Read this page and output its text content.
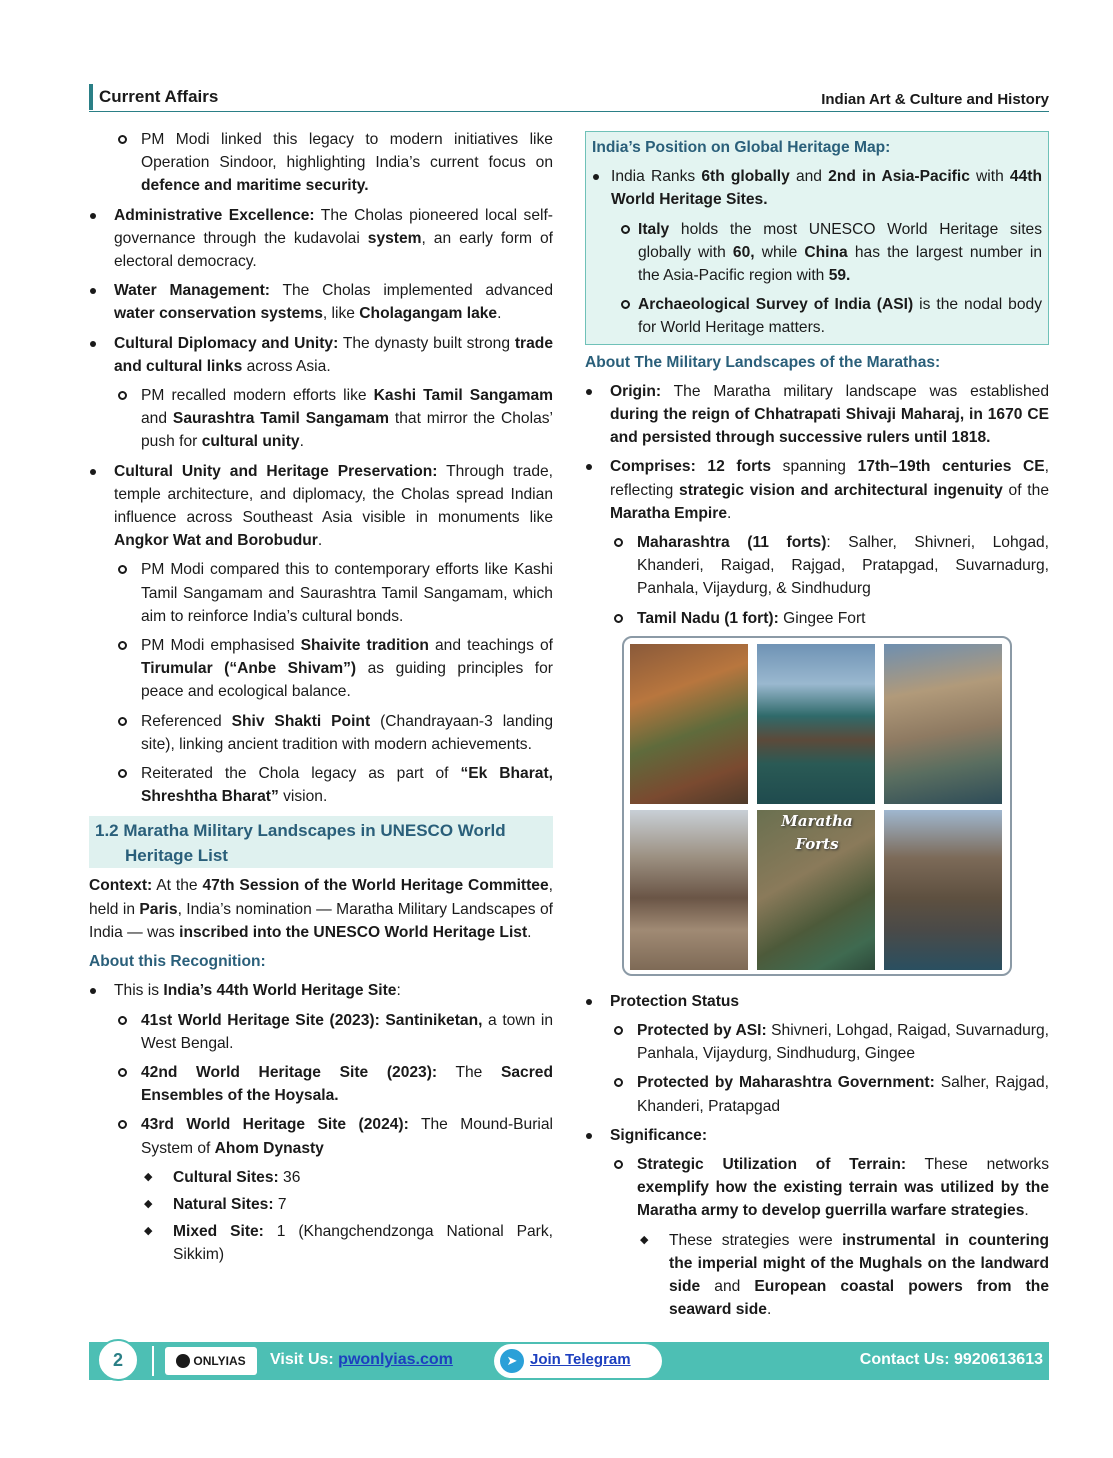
Current Affairs	Indian Art & Culture and History
PM Modi linked this legacy to modern initiatives like Operation Sindoor, highlighting India’s current focus on defence and maritime security.
Administrative Excellence: The Cholas pioneered local self-governance through the kudavolai system, an early form of electoral democracy.
Water Management: The Cholas implemented advanced water conservation systems, like Cholagangam lake.
Cultural Diplomacy and Unity: The dynasty built strong trade and cultural links across Asia.
PM recalled modern efforts like Kashi Tamil Sangamam and Saurashtra Tamil Sangamam that mirror the Cholas’ push for cultural unity.
Cultural Unity and Heritage Preservation: Through trade, temple architecture, and diplomacy, the Cholas spread Indian influence across Southeast Asia visible in monuments like Angkor Wat and Borobudur.
PM Modi compared this to contemporary efforts like Kashi Tamil Sangamam and Saurashtra Tamil Sangamam, which aim to reinforce India’s cultural bonds.
PM Modi emphasised Shaivite tradition and teachings of Tirumular (“Anbe Shivam”) as guiding principles for peace and ecological balance.
Referenced Shiv Shakti Point (Chandrayaan-3 landing site), linking ancient tradition with modern achievements.
Reiterated the Chola legacy as part of “Ek Bharat, Shreshtha Bharat” vision.
1.2 Maratha Military Landscapes in UNESCO World
Heritage List
Context: At the 47th Session of the World Heritage Committee, held in Paris, India’s nomination — Maratha Military Landscapes of India — was inscribed into the UNESCO World Heritage List.
About this Recognition:
This is India’s 44th World Heritage Site:
41st World Heritage Site (2023): Santiniketan, a town in West Bengal.
42nd World Heritage Site (2023): The Sacred Ensembles of the Hoysala.
43rd World Heritage Site (2024): The Mound-Burial System of Ahom Dynasty
◆ Cultural Sites: 36
◆ Natural Sites: 7
◆ Mixed Site: 1 (Khangchendzonga National Park, Sikkim)
India’s Position on Global Heritage Map:
India Ranks 6th globally and 2nd in Asia-Pacific with 44th World Heritage Sites.
Italy holds the most UNESCO World Heritage sites globally with 60, while China has the largest number in the Asia-Pacific region with 59.
Archaeological Survey of India (ASI) is the nodal body for World Heritage matters.
About The Military Landscapes of the Marathas:
Origin: The Maratha military landscape was established during the reign of Chhatrapati Shivaji Maharaj, in 1670 CE and persisted through successive rulers until 1818.
Comprises: 12 forts spanning 17th–19th centuries CE, reflecting strategic vision and architectural ingenuity of the Maratha Empire.
Maharashtra (11 forts): Salher, Shivneri, Lohgad, Khanderi, Raigad, Rajgad, Pratapgad, Suvarnadurg, Panhala, Vijaydurg, & Sindhudurg
Tamil Nadu (1 fort): Gingee Fort
Maratha Forts
Protection Status
Protected by ASI: Shivneri, Lohgad, Raigad, Suvarnadurg, Panhala, Vijaydurg, Sindhudurg, Gingee
Protected by Maharashtra Government: Salher, Rajgad, Khanderi, Pratapgad
Significance:
Strategic Utilization of Terrain: These networks exemplify how the existing terrain was utilized by the Maratha army to develop guerrilla warfare strategies.
◆ These strategies were instrumental in countering the imperial might of the Mughals on the landward side and European coastal powers from the seaward side.
2	ONLYIAS	Visit Us: pwonlyias.com	➤ Join Telegram	Contact Us: 9920613613
